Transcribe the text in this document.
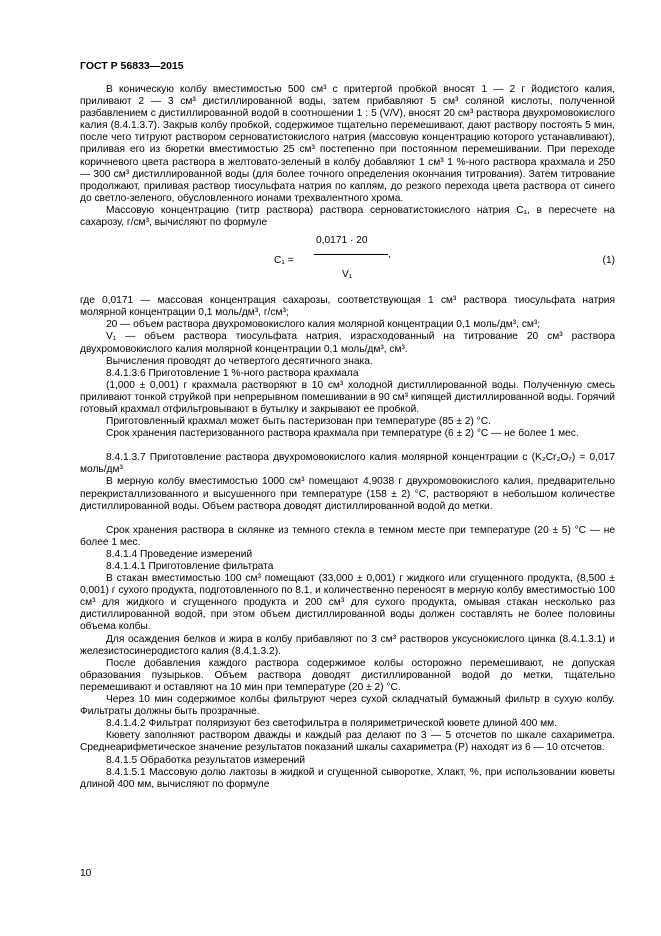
ГОСТ Р 56833—2015

В коническую колбу вместимостью 500 см³ с притертой пробкой вносят 1 — 2 г йодистого калия, приливают 2 — 3 см³ дистиллированной воды, затем прибавляют 5 см³ соляной кислоты, полученной разбавлением с дистиллированной водой в соотношении 1 : 5 (V/V), вносят 20 см³ раствора двухромовокислого калия (8.4.1.3.7). Закрыв колбу пробкой, содержимое тщательно перемешивают, дают раствору постоять 5 мин, после чего титруют раствором серноватистокислого натрия (массовую концентрацию которого устанавливают), приливая его из бюретки вместимостью 25 см³ постепенно при постоянном перемешивании. При переходе коричневого цвета раствора в желтовато-зеленый в колбу добавляют 1 см³ 1 %-ного раствора крахмала и 250 — 300 см³ дистиллированной воды (для более точного определения окончания титрования). Затем титрование продолжают, приливая раствор тиосульфата натрия по каплям, до резкого перехода цвета раствора от синего до светло-зеленого, обусловленного ионами трехвалентного хрома.

Массовую концентрацию (титр раствора) раствора серноватистокислого натрия C₁, в пересчете на сахарозу, г/см³, вычисляют по формуле

C₁ =
0,0171 · 20
,
V₁
(1)

где 0,0171 — массовая концентрация сахарозы, соответствующая 1 см³ раствора тиосульфата натрия молярной концентрации 0,1 моль/дм³, г/см³;

20 — объем раствора двухромовокислого калия молярной концентрации 0,1 моль/дм³, см³;

V₁ — объем раствора тиосульфата натрия, израсходованный на титрование 20 см³ раствора двухромовокислого калия молярной концентрации 0,1 моль/дм³, см³.

Вычисления проводят до четвертого десятичного знака.

8.4.1.3.6 Приготовление 1 %-ного раствора крахмала

(1,000 ± 0,001) г крахмала растворяют в 10 см³ холодной дистиллированной воды. Полученную смесь приливают тонкой струйкой при непрерывном помешивании в 90 см³ кипящей дистиллированной воды. Горячий готовый крахмал отфильтровывают в бутылку и закрывают ее пробкой.

Приготовленный крахмал может быть пастеризован при температуре (85 ± 2) °С.

Срок хранения пастеризованного раствора крахмала при температуре (6 ± 2) °С — не более 1 мес.

8.4.1.3.7 Приготовление раствора двухромовокислого калия молярной концентрации с (K₂Cr₂O₇) = 0,017 моль/дм³

В мерную колбу вместимостью 1000 см³ помещают 4,9038 г двухромовокислого калия, предварительно перекристаллизованного и высушенного при температуре (158 ± 2) °С, растворяют в небольшом количестве дистиллированной воды. Объем раствора доводят дистиллированной водой до метки.

Срок хранения раствора в склянке из темного стекла в темном месте при температуре (20 ± 5) °С — не более 1 мес.

8.4.1.4 Проведение измерений

8.4.1.4.1 Приготовление фильтрата

В стакан вместимостью 100 см³ помещают (33,000 ± 0,001) г жидкого или сгущенного продукта, (8,500 ± 0,001) г сухого продукта, подготовленного по 8.1, и количественно переносят в мерную колбу вместимостью 100 см³ для жидкого и сгущенного продукта и 200 см³ для сухого продукта, омывая стакан несколько раз дистиллированной водой, при этом объем дистиллированной воды должен составлять не более половины объема колбы.

Для осаждения белков и жира в колбу прибавляют по 3 см³ растворов уксуснокислого цинка (8.4.1.3.1) и железистосинеродистого калия (8.4.1.3.2).

После добавления каждого раствора содержимое колбы осторожно перемешивают, не допуская образования пузырьков. Объем раствора доводят дистиллированной водой до метки, тщательно перемешивают и оставляют на 10 мин при температуре (20 ± 2) °С.

Через 10 мин содержимое колбы фильтруют через сухой складчатый бумажный фильтр в сухую колбу. Фильтраты должны быть прозрачные.

8.4.1.4.2 Фильтрат поляризуют без светофильтра в поляриметрической кювете длиной 400 мм.

Кювету заполняют раствором дважды и каждый раз делают по 3 — 5 отсчетов по шкале сахариметра. Среднеарифметическое значение результатов показаний шкалы сахариметра (Р) находят из 6 — 10 отсчетов.

8.4.1.5 Обработка результатов измерений

8.4.1.5.1 Массовую долю лактозы в жидкой и сгущенной сыворотке, Xлакт, %, при использовании кюветы длиной 400 мм, вычисляют по формуле

10
